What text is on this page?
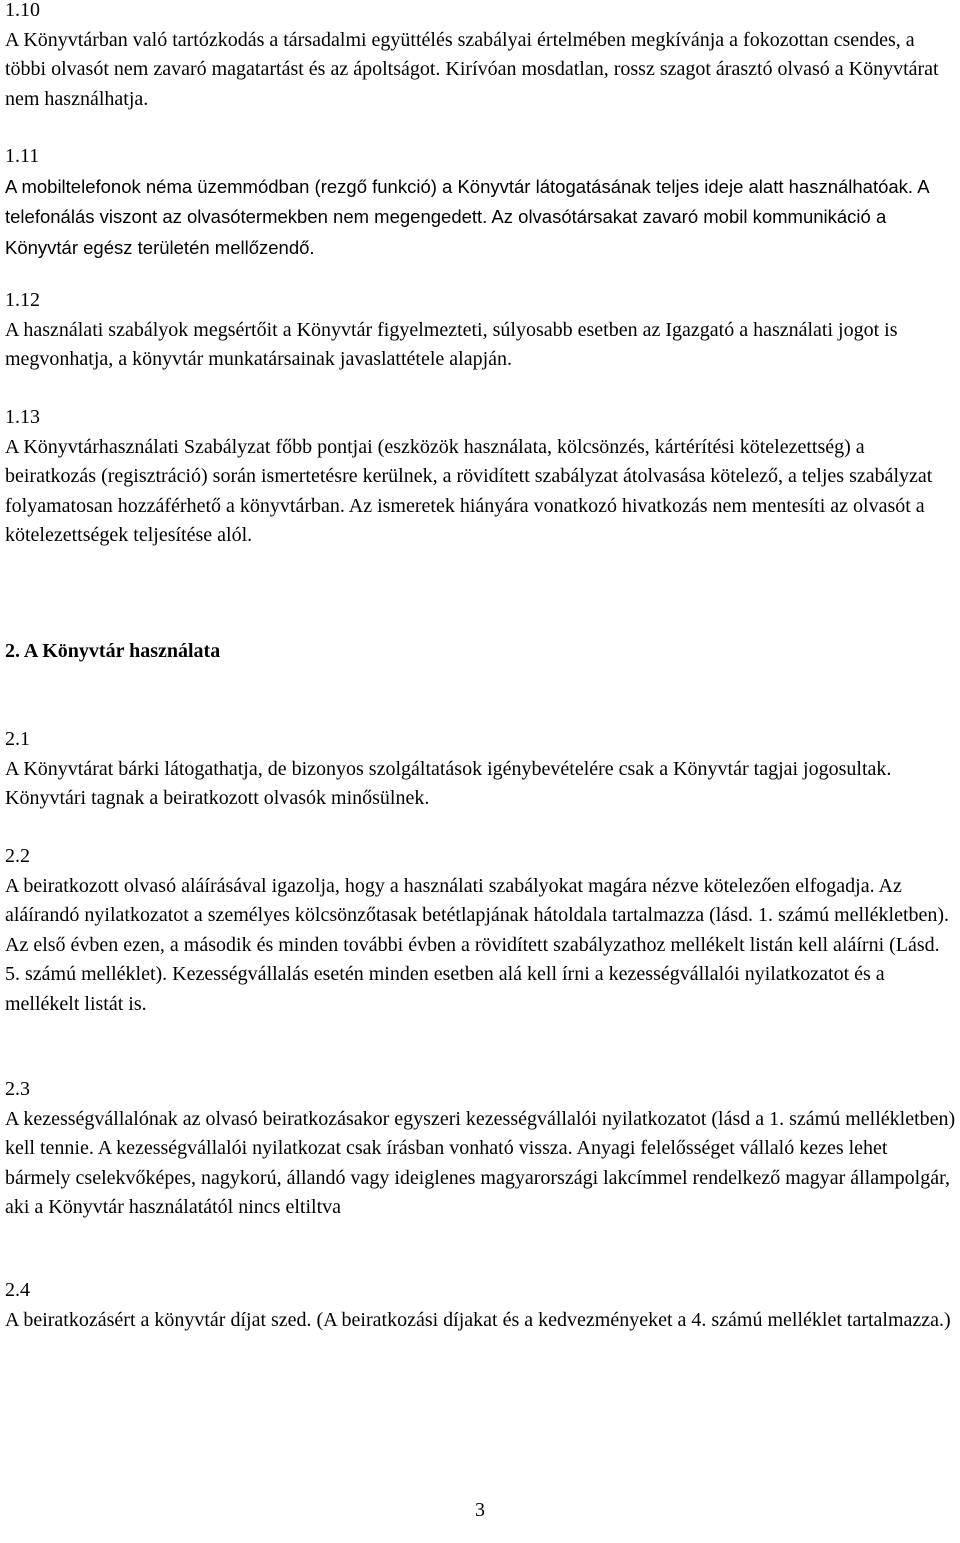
1.10
A Könyvtárban való tartózkodás a társadalmi együttélés szabályai értelmében megkívánja a fokozottan csendes, a többi olvasót nem zavaró magatartást és az ápoltságot. Kirívóan mosdatlan, rossz szagot árasztó olvasó a Könyvtárat nem használhatja.
1.11
A mobiltelefonok néma üzemmódban (rezgő funkció) a Könyvtár látogatásának teljes ideje alatt használhatóak. A telefonálás viszont az olvasótermekben nem megengedett. Az olvasótársakat zavaró mobil kommunikáció a Könyvtár egész területén mellőzendő.
1.12
A használati szabályok megsértőit a Könyvtár figyelmezteti, súlyosabb esetben az Igazgató a használati jogot is megvonhatja, a könyvtár munkatársainak javaslattétele alapján.
1.13
A Könyvtárhasználati Szabályzat főbb pontjai (eszközök használata, kölcsönzés, kártérítési kötelezettség) a beiratkozás (regisztráció) során ismertetésre kerülnek, a rövidített szabályzat átolvasása kötelező, a teljes szabályzat folyamatosan hozzáférhető a könyvtárban. Az ismeretek hiányára vonatkozó hivatkozás nem mentesíti az olvasót a kötelezettségek teljesítése alól.
2. A Könyvtár használata
2.1
A Könyvtárat bárki látogathatja, de bizonyos szolgáltatások igénybevételére csak a Könyvtár tagjai jogosultak. Könyvtári tagnak a beiratkozott olvasók minősülnek.
2.2
A beiratkozott olvasó aláírásával igazolja, hogy a használati szabályokat magára nézve kötelezően elfogadja. Az aláírandó nyilatkozatot a személyes kölcsönzőtasak betétlapjának hátoldala tartalmazza (lásd. 1. számú mellékletben). Az első évben ezen, a második és minden további évben a rövidített szabályzathoz mellékelt listán kell aláírni (Lásd. 5. számú melléklet). Kezességvállalás esetén minden esetben alá kell írni a kezességvállalói nyilatkozatot és a mellékelt listát is.
2.3
A kezességvállalónak az olvasó beiratkozásakor egyszeri kezességvállalói nyilatkozatot (lásd a 1. számú mellékletben) kell tennie. A kezességvállalói nyilatkozat csak írásban vonható vissza. Anyagi felelősséget vállaló kezes lehet bármely cselekvőképes, nagykorú, állandó vagy ideiglenes magyarországi lakcímmel rendelkező magyar állampolgár, aki a Könyvtár használatától nincs eltiltva
2.4
A beiratkozásért a könyvtár díjat szed. (A beiratkozási díjakat és a kedvezményeket a 4. számú melléklet tartalmazza.)
3
